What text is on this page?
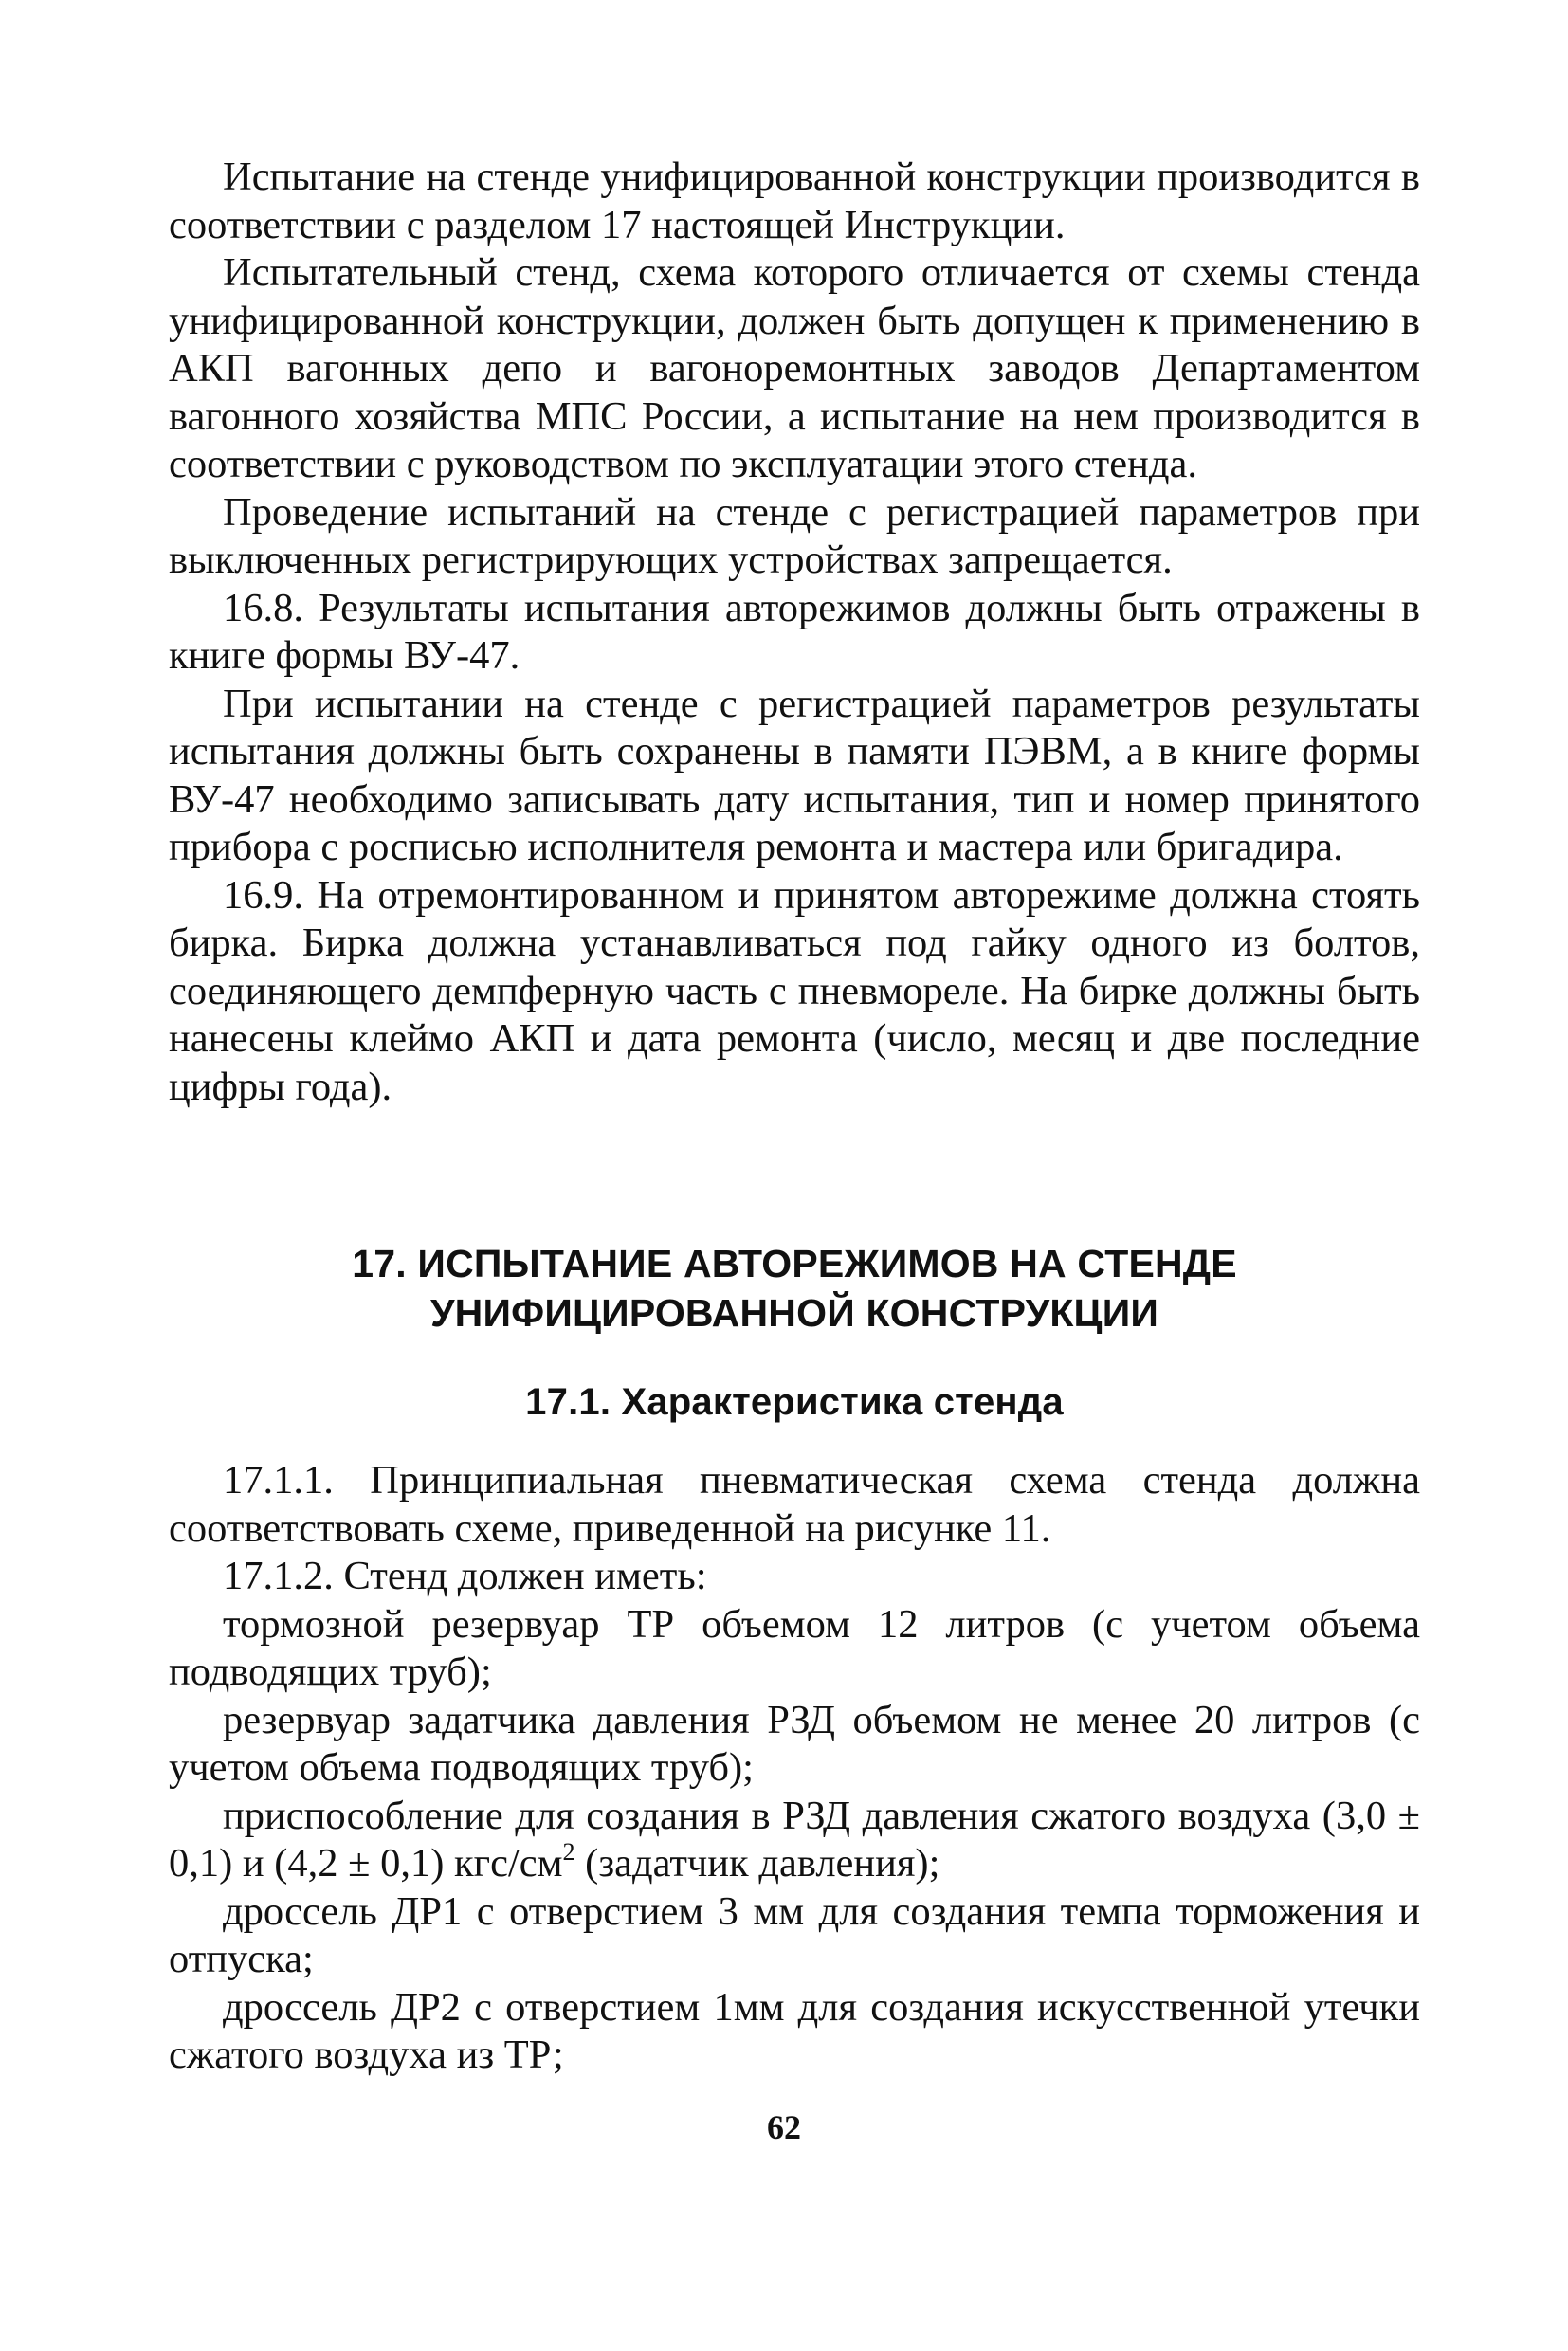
Испытание на стенде унифицированной конструкции производится в соответствии с разделом 17 настоящей Инструкции.

Испытательный стенд, схема которого отличается от схемы стенда унифицированной конструкции, должен быть допущен к применению в АКП вагонных депо и вагоноремонтных заводов Департаментом вагонного хозяйства МПС России, а испытание на нем производится в соответствии с руководством по эксплуатации этого стенда.

Проведение испытаний на стенде с регистрацией параметров при выключенных регистрирующих устройствах запрещается.

16.8. Результаты испытания авторежимов должны быть отражены в книге формы ВУ-47.

При испытании на стенде с регистрацией параметров результаты испытания должны быть сохранены в памяти ПЭВМ, а в книге формы ВУ-47 необходимо записывать дату испытания, тип и номер принятого прибора с росписью исполнителя ремонта и мастера или бригадира.

16.9. На отремонтированном и принятом авторежиме должна стоять бирка. Бирка должна устанавливаться под гайку одного из болтов, соединяющего демпферную часть с пневмореле. На бирке должны быть нанесены клеймо АКП и дата ремонта (число, месяц и две последние цифры года).

17. ИСПЫТАНИЕ АВТОРЕЖИМОВ НА СТЕНДЕ
УНИФИЦИРОВАННОЙ КОНСТРУКЦИИ
17.1. Характеристика стенда

17.1.1. Принципиальная пневматическая схема стенда должна соответствовать схеме, приведенной на рисунке 11.

17.1.2. Стенд должен иметь:

тормозной резервуар ТР объемом 12 литров (с учетом объема подводящих труб);

резервуар задатчика давления РЗД объемом не менее 20 литров (с учетом объема подводящих труб);

приспособление для создания в РЗД давления сжатого воздуха (3,0 ± 0,1) и (4,2 ± 0,1) кгс/$см^2$ (задатчик давления);

дроссель ДР1 с отверстием 3 мм для создания темпа торможения и отпуска;

дроссель ДР2 с отверстием 1мм для создания искусственной утечки сжатого воздуха из ТР;

62
